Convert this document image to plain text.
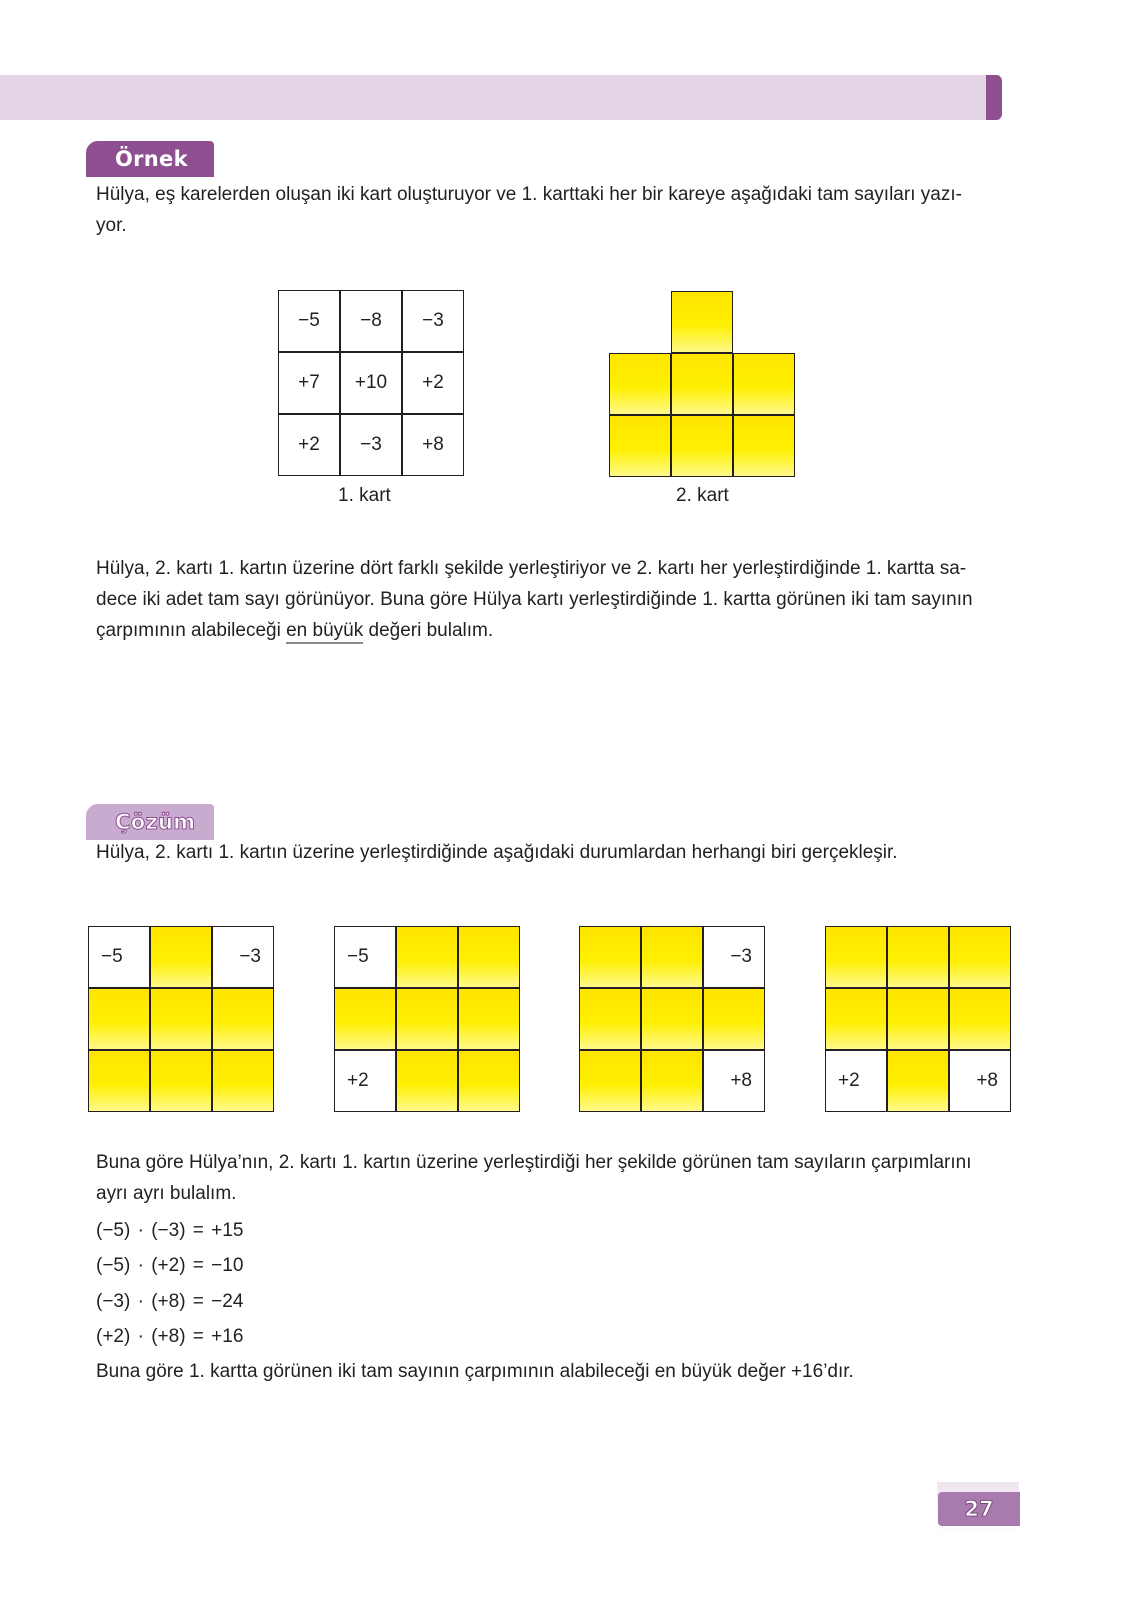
Örnek

Hülya, eş karelerden oluşan iki kart oluşturuyor ve 1. karttaki her bir kareye aşağıdaki tam sayıları yazı-
yor.

−5	−8	−3
+7	+10	+2
+2	−3	+8
1. kart	2. kart

Hülya, 2. kartı 1. kartın üzerine dört farklı şekilde yerleştiriyor ve 2. kartı her yerleştirdiğinde 1. kartta sa-
dece iki adet tam sayı görünüyor. Buna göre Hülya kartı yerleştirdiğinde 1. kartta görünen iki tam sayının
çarpımının alabileceği en büyük değeri bulalım.

Çözüm

Hülya, 2. kartı 1. kartın üzerine yerleştirdiğinde aşağıdaki durumlardan herhangi biri gerçekleşir.

−5	−3	−5
+2
−3
+8	+2	+8

Buna göre Hülya’nın, 2. kartı 1. kartın üzerine yerleştirdiği her şekilde görünen tam sayıların çarpımlarını
ayrı ayrı bulalım.

(−5) · (−3) = +15
(−5) · (+2) = −10
(−3) · (+8) = −24
(+2) · (+8) = +16

Buna göre 1. kartta görünen iki tam sayının çarpımının alabileceği en büyük değer +16’dır.

27
